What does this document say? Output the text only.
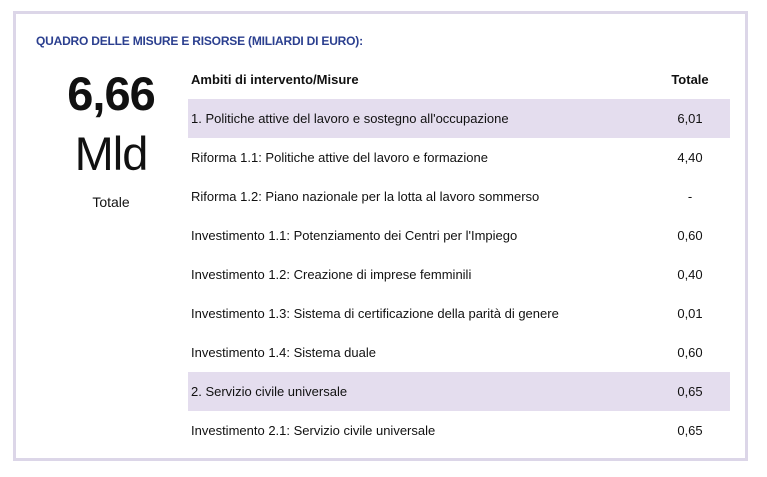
QUADRO DELLE MISURE E RISORSE (MILIARDI DI EURO):
6,66
Mld
Totale
Ambiti di intervento/Misure	Totale
1. Politiche attive del lavoro e sostegno all'occupazione	6,01
Riforma 1.1: Politiche attive del lavoro e formazione	4,40
Riforma 1.2: Piano nazionale per la lotta al lavoro sommerso	-
Investimento 1.1: Potenziamento dei Centri per l'Impiego	0,60
Investimento 1.2: Creazione di imprese femminili	0,40
Investimento 1.3: Sistema di certificazione della parità di genere	0,01
Investimento 1.4: Sistema duale	0,60
2. Servizio civile universale	0,65
Investimento 2.1: Servizio civile universale	0,65
